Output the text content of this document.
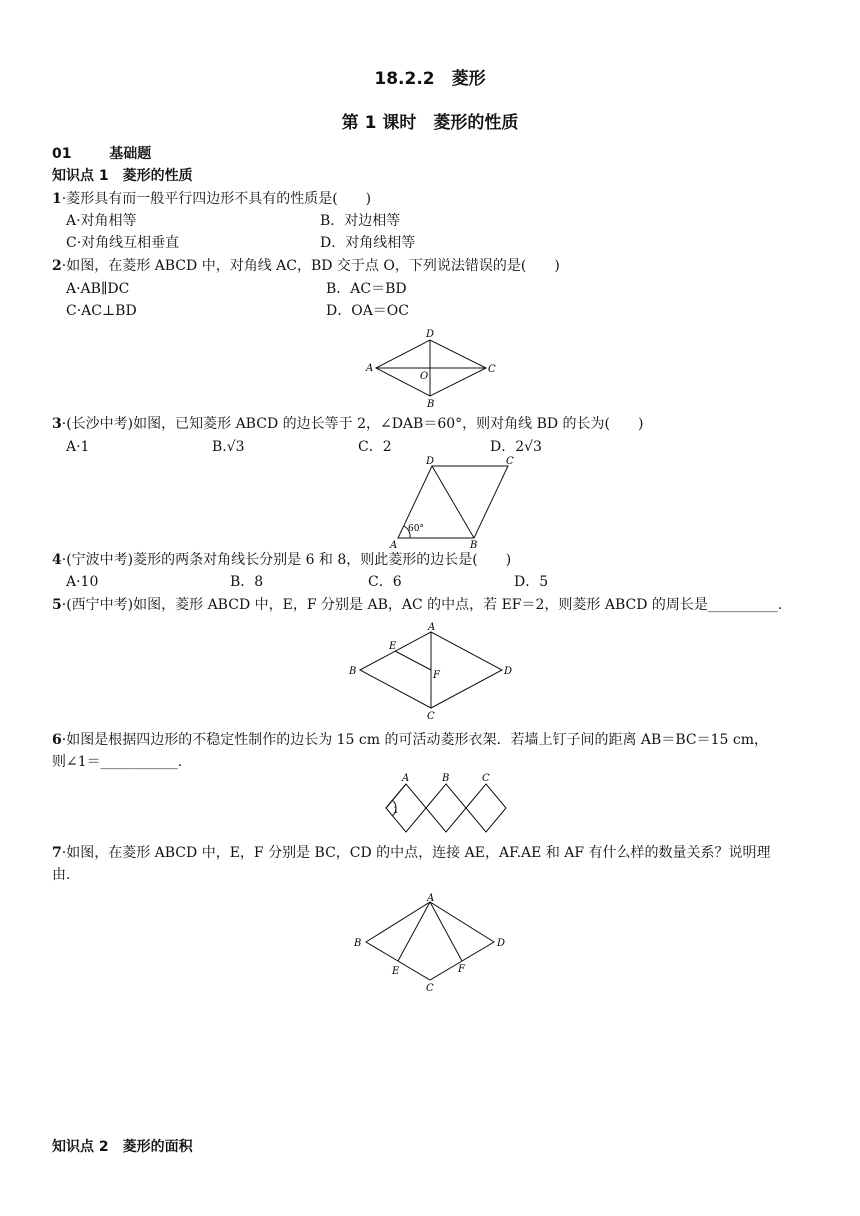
18.2.2　菱形
第 1 课时　菱形的性质
01	基础题
知识点 1　菱形的性质
1·菱形具有而一般平行四边形不具有的性质是(　　)
A·对角相等	B．对边相等
C·对角线互相垂直	D．对角线相等
2·如图，在菱形 ABCD 中，对角线 AC，BD 交于点 O，下列说法错误的是(　　)
A·AB∥DC	B．AC＝BD
C·AC⊥BD	D．OA＝OC
A
B
C
D
O
3·(长沙中考)如图，已知菱形 ABCD 的边长等于 2，∠DAB＝60°，则对角线 BD 的长为(　　)
A·1	B.√3	C．2	D．2√3
D	C
A	B
60°
4·(宁波中考)菱形的两条对角线长分别是 6 和 8，则此菱形的边长是(　　)
A·10	B．8	C．6	D．5
5·(西宁中考)如图，菱形 ABCD 中，E，F 分别是 AB，AC 的中点，若 EF＝2，则菱形 ABCD 的周长是__________.
A
B
C
D
E
F
6·如图是根据四边形的不稳定性制作的边长为 15 cm 的可活动菱形衣架．若墙上钉子间的距离 AB＝BC＝15 cm，
则∠1＝___________.
A	B	C
1
7·如图，在菱形 ABCD 中，E，F 分别是 BC，CD 的中点，连接 AE，AF.AE 和 AF 有什么样的数量关系？说明理
由.
A
B
C
D
E	F
知识点 2　菱形的面积
